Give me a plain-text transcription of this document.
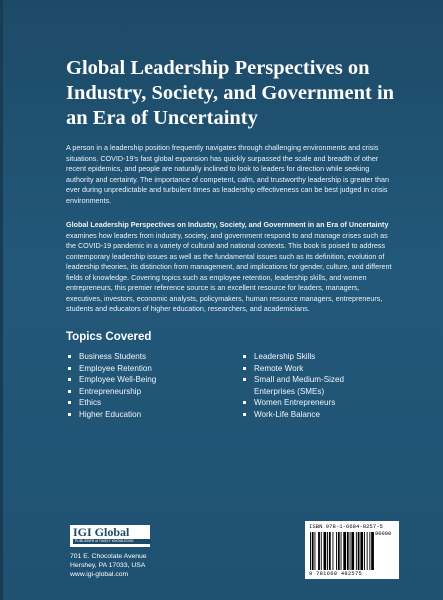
Global Leadership Perspectives on Industry, Society, and Government in an Era of Uncertainty

A person in a leadership position frequently navigates through challenging environments and crisis situations. COVID-19's fast global expansion has quickly surpassed the scale and breadth of other recent epidemics, and people are naturally inclined to look to leaders for direction while seeking authority and certainty. The importance of competent, calm, and trustworthy leadership is greater than ever during unpredictable and turbulent times as leadership effectiveness can be best judged in crisis environments.

Global Leadership Perspectives on Industry, Society, and Government in an Era of Uncertainty examines how leaders from industry, society, and government respond to and manage crises such as the COVID-19 pandemic in a variety of cultural and national contexts. This book is poised to address contemporary leadership issues as well as the fundamental issues such as its definition, evolution of leadership theories, its distinction from management, and implications for gender, culture, and different fields of knowledge. Covering topics such as employee retention, leadership skills, and women entrepreneurs, this premier reference source is an excellent resource for leaders, managers, executives, investors, economic analysts, policymakers, human resource managers, entrepreneurs, students and educators of higher education, researchers, and academicians.

Topics Covered
Business Students
Employee Retention
Employee Well-Being
Entrepreneurship
Ethics
Higher Education
Leadership Skills
Remote Work
Small and Medium-Sized
Enterprises (SMEs)
Women Entrepreneurs
Work-Life Balance
IGI Global
PUBLISHER of TIMELY KNOWLEDGE

701 E. Chocolate Avenue

Hershey, PA 17033, USA

www.igi-global.com

ISBN 978-1-6684-8257-5
90000
9 781668 482575
